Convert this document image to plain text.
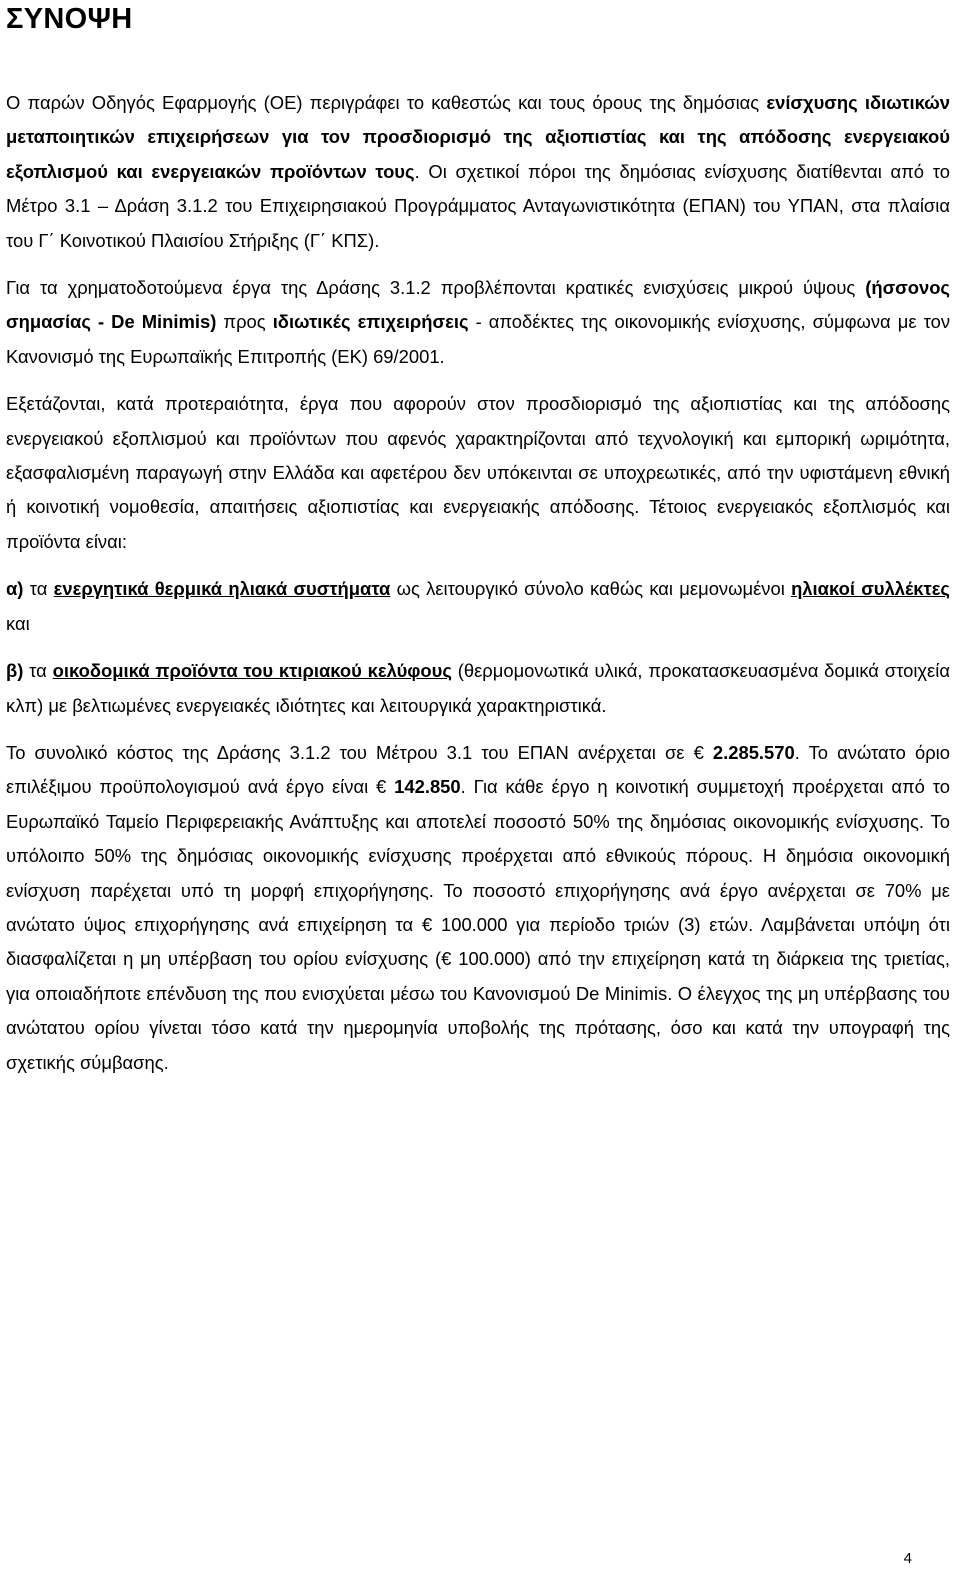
ΣΥΝΟΨΗ

Ο παρών Οδηγός Εφαρμογής (ΟΕ) περιγράφει το καθεστώς και τους όρους της δημόσιας ενίσχυσης ιδιωτικών μεταποιητικών επιχειρήσεων για τον προσδιορισμό της αξιοπιστίας και της απόδοσης ενεργειακού εξοπλισμού και ενεργειακών προϊόντων τους. Οι σχετικοί πόροι της δημόσιας ενίσχυσης διατίθενται από το Μέτρο 3.1 – Δράση 3.1.2 του Επιχειρησιακού Προγράμματος Ανταγωνιστικότητα (ΕΠΑΝ) του ΥΠΑΝ, στα πλαίσια του Γ΄ Κοινοτικού Πλαισίου Στήριξης (Γ΄ ΚΠΣ).

Για τα χρηματοδοτούμενα έργα της Δράσης 3.1.2 προβλέπονται κρατικές ενισχύσεις μικρού ύψους (ήσσονος σημασίας - De Minimis) προς ιδιωτικές επιχειρήσεις - αποδέκτες της οικονομικής ενίσχυσης, σύμφωνα με τον Κανονισμό της Ευρωπαϊκής Επιτροπής (ΕΚ) 69/2001.

Εξετάζονται, κατά προτεραιότητα, έργα που αφορούν στον προσδιορισμό της αξιοπιστίας και της απόδοσης ενεργειακού εξοπλισμού και προϊόντων που αφενός χαρακτηρίζονται από τεχνολογική και εμπορική ωριμότητα, εξασφαλισμένη παραγωγή στην Ελλάδα και αφετέρου δεν υπόκεινται σε υποχρεωτικές, από την υφιστάμενη εθνική ή κοινοτική νομοθεσία, απαιτήσεις αξιοπιστίας και ενεργειακής απόδοσης. Τέτοιος ενεργειακός εξοπλισμός και προϊόντα είναι:

α) τα ενεργητικά θερμικά ηλιακά συστήματα ως λειτουργικό σύνολο καθώς και μεμονωμένοι ηλιακοί συλλέκτες και

β) τα οικοδομικά προϊόντα του κτιριακού κελύφους (θερμομονωτικά υλικά, προκατασκευασμένα δομικά στοιχεία κλπ) με βελτιωμένες ενεργειακές ιδιότητες και λειτουργικά χαρακτηριστικά.

Το συνολικό κόστος της Δράσης 3.1.2 του Μέτρου 3.1 του ΕΠΑΝ ανέρχεται σε € 2.285.570. Το ανώτατο όριο επιλέξιμου προϋπολογισμού ανά έργο είναι € 142.850. Για κάθε έργο η κοινοτική συμμετοχή προέρχεται από το Ευρωπαϊκό Ταμείο Περιφερειακής Ανάπτυξης και αποτελεί ποσοστό 50% της δημόσιας οικονομικής ενίσχυσης. Το υπόλοιπο 50% της δημόσιας οικονομικής ενίσχυσης προέρχεται από εθνικούς πόρους. Η δημόσια οικονομική ενίσχυση παρέχεται υπό τη μορφή επιχορήγησης. Το ποσοστό επιχορήγησης ανά έργο ανέρχεται σε 70% με ανώτατο ύψος επιχορήγησης ανά επιχείρηση τα € 100.000 για περίοδο τριών (3) ετών. Λαμβάνεται υπόψη ότι διασφαλίζεται η μη υπέρβαση του ορίου ενίσχυσης (€ 100.000) από την επιχείρηση κατά τη διάρκεια της τριετίας, για οποιαδήποτε επένδυση της που ενισχύεται μέσω του Κανονισμού De Minimis. Ο έλεγχος της μη υπέρβασης του ανώτατου ορίου γίνεται τόσο κατά την ημερομηνία υποβολής της πρότασης, όσο και κατά την υπογραφή της σχετικής σύμβασης.

4
